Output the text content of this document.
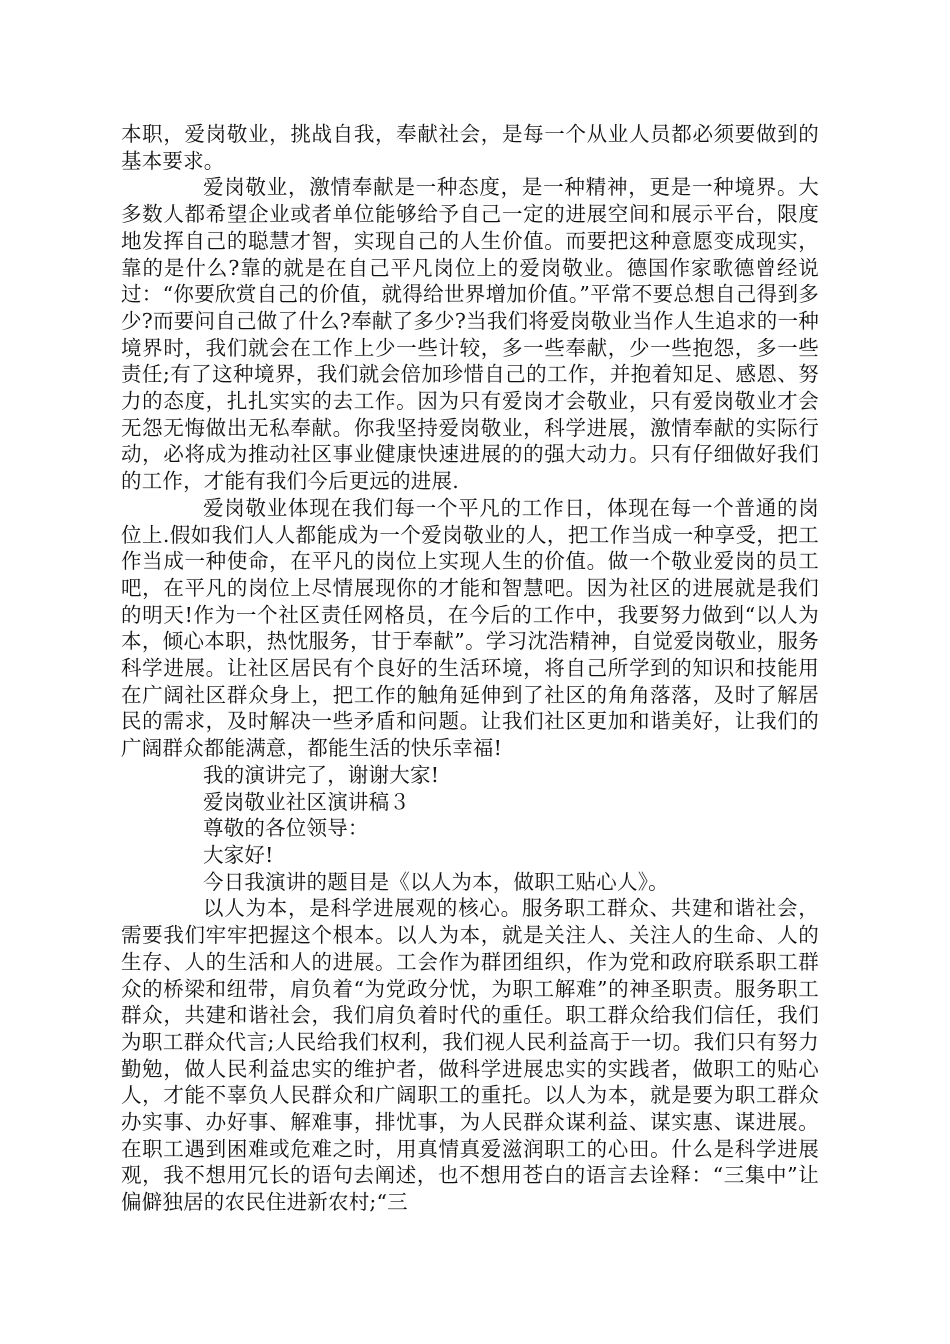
本职，爱岗敬业，挑战自我，奉献社会，是每一个从业人员都必须要做到的基本要求。

爱岗敬业，激情奉献是一种态度，是一种精神，更是一种境界。大多数人都希望企业或者单位能够给予自己一定的进展空间和展示平台，限度地发挥自己的聪慧才智，实现自己的人生价值。而要把这种意愿变成现实，靠的是什么?靠的就是在自己平凡岗位上的爱岗敬业。德国作家歌德曾经说过：“你要欣赏自己的价值，就得给世界增加价值。”平常不要总想自己得到多少?而要问自己做了什么?奉献了多少?当我们将爱岗敬业当作人生追求的一种境界时，我们就会在工作上少一些计较，多一些奉献，少一些抱怨，多一些责任;有了这种境界，我们就会倍加珍惜自己的工作，并抱着知足、感恩、努力的态度，扎扎实实的去工作。因为只有爱岗才会敬业，只有爱岗敬业才会无怨无悔做出无私奉献。你我坚持爱岗敬业，科学进展，激情奉献的实际行动，必将成为推动社区事业健康快速进展的的强大动力。只有仔细做好我们的工作，才能有我们今后更远的进展.

爱岗敬业体现在我们每一个平凡的工作日，体现在每一个普通的岗位上.假如我们人人都能成为一个爱岗敬业的人，把工作当成一种享受，把工作当成一种使命，在平凡的岗位上实现人生的价值。做一个敬业爱岗的员工吧，在平凡的岗位上尽情展现你的才能和智慧吧。因为社区的进展就是我们的明天!作为一个社区责任网格员，在今后的工作中，我要努力做到“以人为本，倾心本职，热忱服务，甘于奉献”。学习沈浩精神，自觉爱岗敬业，服务科学进展。让社区居民有个良好的生活环境，将自己所学到的知识和技能用在广阔社区群众身上，把工作的触角延伸到了社区的角角落落，及时了解居民的需求，及时解决一些矛盾和问题。让我们社区更加和谐美好，让我们的广阔群众都能满意，都能生活的快乐幸福!

我的演讲完了，谢谢大家!

爱岗敬业社区演讲稿３

尊敬的各位领导：

大家好!

今日我演讲的题目是《以人为本，做职工贴心人》。

以人为本，是科学进展观的核心。服务职工群众、共建和谐社会，需要我们牢牢把握这个根本。以人为本，就是关注人、关注人的生命、人的生存、人的生活和人的进展。工会作为群团组织，作为党和政府联系职工群众的桥梁和纽带，肩负着“为党政分忧，为职工解难”的神圣职责。服务职工群众，共建和谐社会，我们肩负着时代的重任。职工群众给我们信任，我们为职工群众代言;人民给我们权利，我们视人民利益高于一切。我们只有努力勤勉，做人民利益忠实的维护者，做科学进展忠实的实践者，做职工的贴心人，才能不辜负人民群众和广阔职工的重托。以人为本，就是要为职工群众办实事、办好事、解难事，排忧事，为人民群众谋利益、谋实惠、谋进展。在职工遇到困难或危难之时，用真情真爱滋润职工的心田。什么是科学进展观，我不想用冗长的语句去阐述，也不想用苍白的语言去诠释：“三集中”让偏僻独居的农民住进新农村;“三
